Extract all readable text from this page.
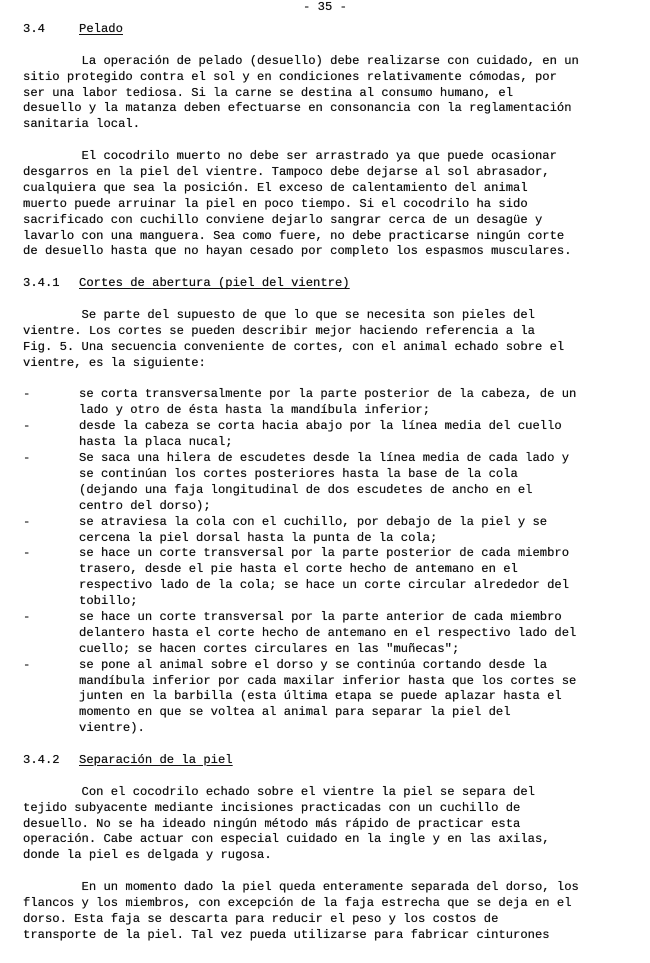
- 35 -
3.4	Pelado
La operación de pelado (desuello) debe realizarse con cuidado, en un
sitio protegido contra el sol y en condiciones relativamente cómodas, por
ser una labor tediosa. Si la carne se destina al consumo humano, el
desuello y la matanza deben efectuarse en consonancia con la reglamentación
sanitaria local.
El cocodrilo muerto no debe ser arrastrado ya que puede ocasionar
desgarros en la piel del vientre. Tampoco debe dejarse al sol abrasador,
cualquiera que sea la posición. El exceso de calentamiento del animal
muerto puede arruinar la piel en poco tiempo. Si el cocodrilo ha sido
sacrificado con cuchillo conviene dejarlo sangrar cerca de un desagüe y
lavarlo con una manguera. Sea como fuere, no debe practicarse ningún corte
de desuello hasta que no hayan cesado por completo los espasmos musculares.
3.4.1 Cortes de abertura (piel del vientre)
Se parte del supuesto de que lo que se necesita son pieles del
vientre. Los cortes se pueden describir mejor haciendo referencia a la
Fig. 5. Una secuencia conveniente de cortes, con el animal echado sobre el
vientre, es la siguiente:
-	se corta transversalmente por la parte posterior de la cabeza, de un
lado y otro de ésta hasta la mandíbula inferior;
-	desde la cabeza se corta hacia abajo por la línea media del cuello
hasta la placa nucal;
-	Se saca una hilera de escudetes desde la línea media de cada lado y
se continúan los cortes posteriores hasta la base de la cola
(dejando una faja longitudinal de dos escudetes de ancho en el
centro del dorso);
-	se atraviesa la cola con el cuchillo, por debajo de la piel y se
cercena la piel dorsal hasta la punta de la cola;
-	se hace un corte transversal por la parte posterior de cada miembro
trasero, desde el pie hasta el corte hecho de antemano en el
respectivo lado de la cola; se hace un corte circular alrededor del
tobillo;
-	se hace un corte transversal por la parte anterior de cada miembro
delantero hasta el corte hecho de antemano en el respectivo lado del
cuello; se hacen cortes circulares en las "muñecas";
-	se pone al animal sobre el dorso y se continúa cortando desde la
mandíbula inferior por cada maxilar inferior hasta que los cortes se
junten en la barbilla (esta última etapa se puede aplazar hasta el
momento en que se voltea al animal para separar la piel del
vientre).
3.4.2 Separación de la piel
Con el cocodrilo echado sobre el vientre la piel se separa del
tejido subyacente mediante incisiones practicadas con un cuchillo de
desuello. No se ha ideado ningún método más rápido de practicar esta
operación. Cabe actuar con especial cuidado en la ingle y en las axilas,
donde la piel es delgada y rugosa.
En un momento dado la piel queda enteramente separada del dorso, los
flancos y los miembros, con excepción de la faja estrecha que se deja en el
dorso. Esta faja se descarta para reducir el peso y los costos de
transporte de la piel. Tal vez pueda utilizarse para fabricar cinturones
